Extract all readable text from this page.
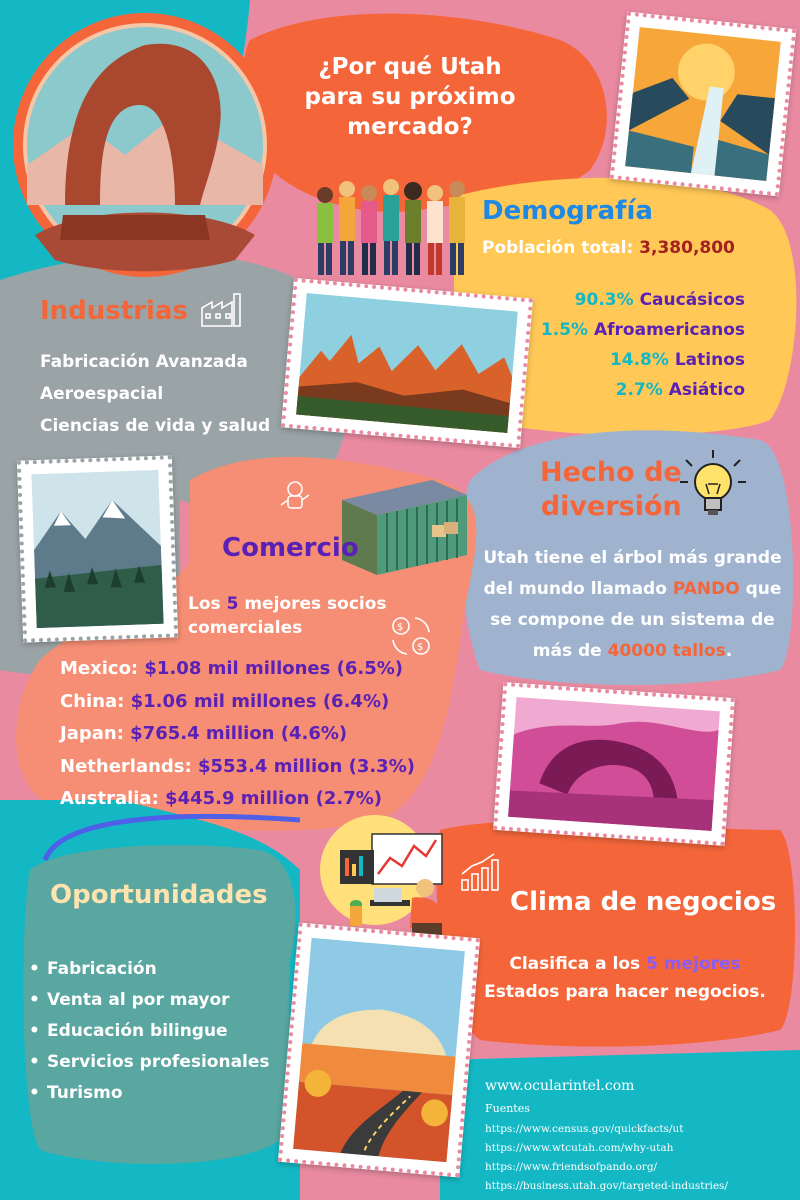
¿Por qué Utah
para su próximo
mercado?
Demografía
Población total: 3,380,800
90.3% Caucásicos
1.5% Afroamericanos
14.8% Latinos
2.7% Asiático
Industrias
Fabricación Avanzada
Aeroespacial
Ciencias de vida y salud
Comercio
Los 5 mejores socios
comerciales	$
$
Mexico: $1.08 mil millones (6.5%)
China: $1.06 mil millones (6.4%)
Japan: $765.4 million (4.6%)
Netherlands: $553.4 million (3.3%)
Australia: $445.9 million (2.7%)
Hecho de
diversión
Utah tiene el árbol más grande
del mundo llamado PANDO que
se compone de un sistema de
más de 40000 tallos.
Clima de negocios
Clasifica a los 5 mejores
Estados para hacer negocios.
Oportunidades
• Fabricación
• Venta al por mayor
• Educación bilingue
• Servicios profesionales
• Turismo	www.ocularintel.com
Fuentes
https://www.census.gov/quickfacts/ut
https://www.wtcutah.com/why-utah
https://www.friendsofpando.org/
https://business.utah.gov/targeted-industries/
